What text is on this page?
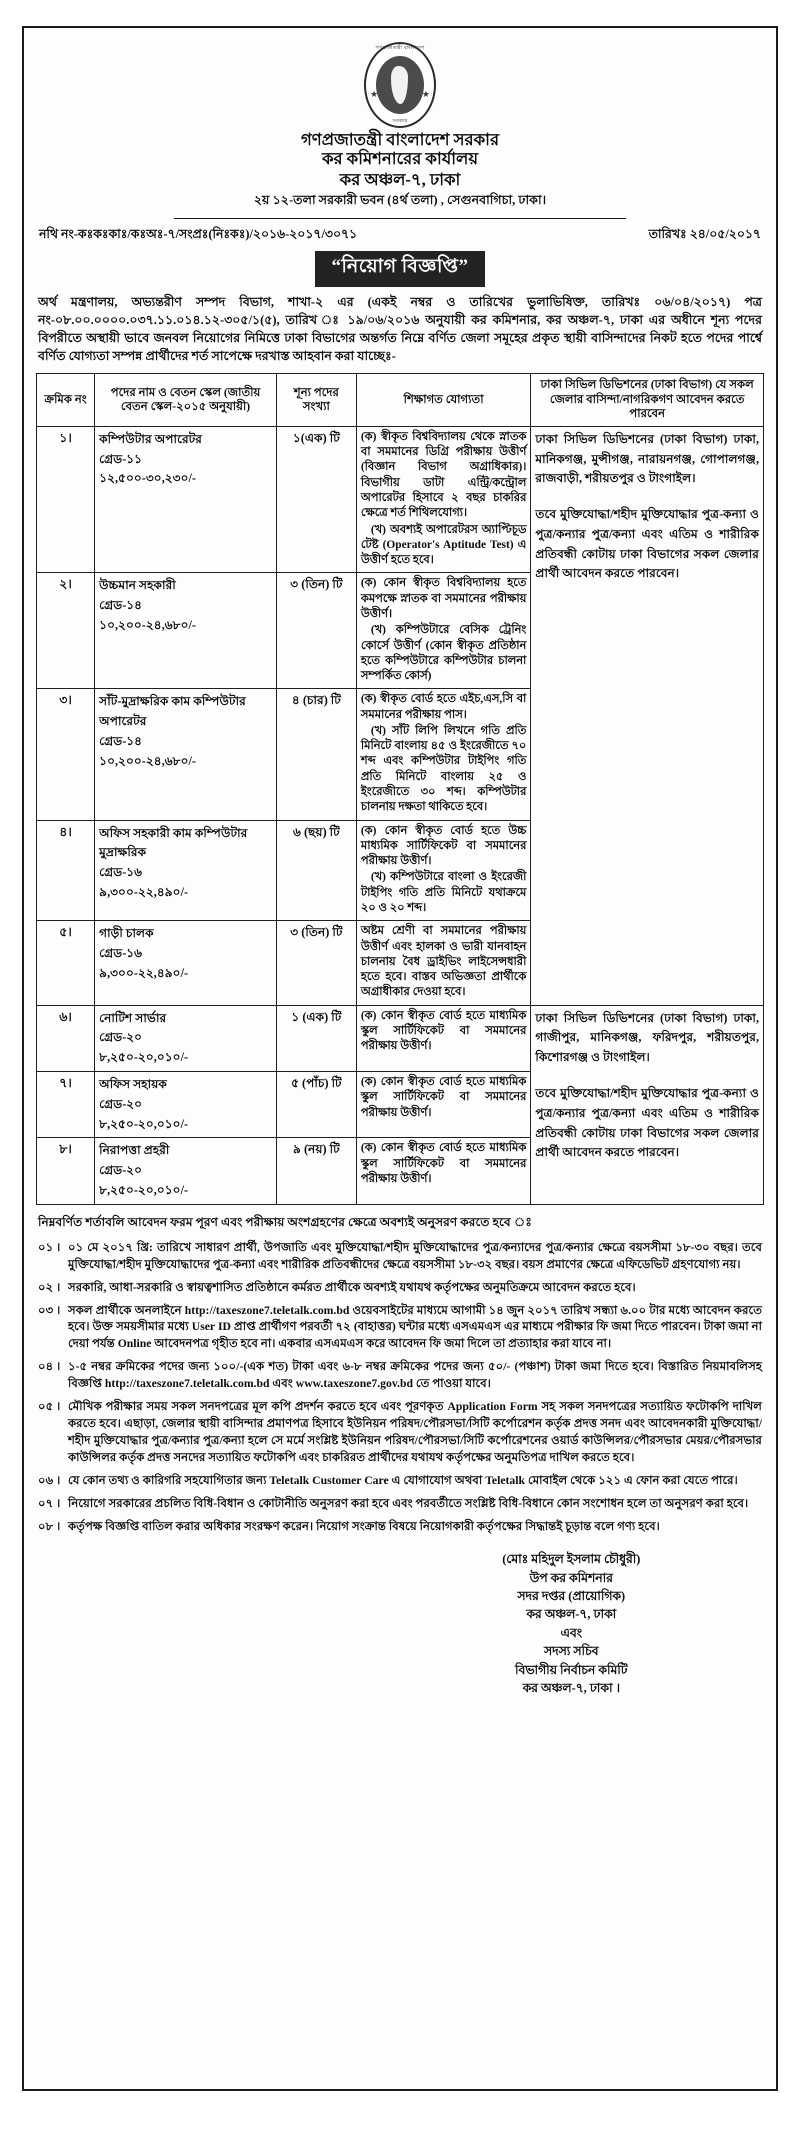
গণপ্রজাতন্ত্রী বাংলাদেশ
★	★
সরকার
গণপ্রজাতন্ত্রী বাংলাদেশ সরকার
কর কমিশনারের কার্যালয়
কর অঞ্চল-৭, ঢাকা
২য় ১২-তলা সরকারী ভবন (৪র্থ তলা) , সেগুনবাগিচা, ঢাকা।
নথি নং-কঃকঃকাঃ/কঃঅঃ-৭/সংপ্রঃ(নিঃকঃ)/২০১৬-২০১৭/৩০৭১	তারিখঃ ২৪/০৫/২০১৭
“নিয়োগ বিজ্ঞপ্তি”
অর্থ মন্ত্রণালয়, অভ্যন্তরীণ সম্পদ বিভাগ, শাখা-২ এর (একই নম্বর ও তারিখের ভুলাভিষিক্ত, তারিখঃ ০৬/০৪/২০১৭) পত্র নং-০৮.০০.০০০০.০৩৭.১১.০১৪.১২-৩০৫/১(৫), তারিখ ঃ ১৯/০৬/২০১৬ অনুযায়ী কর কমিশনার, কর অঞ্চল-৭, ঢাকা এর অধীনে শূন্য পদের বিপরীতে অস্থায়ী ভাবে জনবল নিয়োগের নিমিত্তে ঢাকা বিভাগের অন্তর্গত নিম্নে বর্ণিত জেলা সমূহের প্রকৃত স্থায়ী বাসিন্দাদের নিকট হতে পদের পার্শ্বে বর্ণিত যোগ্যতা সম্পন্ন প্রার্থীদের শর্ত সাপেক্ষে দরখাস্ত আহবান করা যাচ্ছেঃ-
ক্রমিক নং	পদের নাম ও বেতন স্কেল (জাতীয় বেতন স্কেল-২০১৫ অনুযায়ী)	শূন্য পদের সংখ্যা	শিক্ষাগত যোগ্যতা	ঢাকা সিভিল ডিভিশনের (ঢাকা বিভাগ) যে সকল জেলার বাসিন্দা/নাগরিকগণ আবেদন করতে পারবেন
১।	কম্পিউটার অপারেটর
গ্রেড-১১
১২,৫০০-৩০,২৩০/-
	১(এক) টি	(ক) স্বীকৃত বিশ্ববিদ্যালয় থেকে স্নাতক বা সমমানের ডিগ্রি পরীক্ষায় উত্তীর্ণ (বিজ্ঞান বিভাগ অগ্রাধিকার)। বিভাগীয় ডাটা এন্ট্রি/কন্ট্রোল অপারেটর হিসাবে ২ বছর চাকরির ক্ষেত্রে শর্ত শিথিলযোগ্য।

(খ) অবশ্যই অপারেটরস অ্যাপ্টিচূড টেষ্ট (Operator's Aptitude Test) এ উত্তীর্ণ হতে হবে।

ঢাকা সিভিল ডিভিশনের (ঢাকা বিভাগ) ঢাকা, মানিকগঞ্জ, মুন্সীগঞ্জ, নারায়নগঞ্জ, গোপালগঞ্জ, রাজবাড়ী, শরীয়তপুর ও টাংগাইল।

তবে মুক্তিযোদ্ধা/শহীদ মুক্তিযোদ্ধার পুত্র-কন্যা ও পুত্র/কন্যার পুত্র/কন্যা এবং এতিম ও শারীরিক প্রতিবন্ধী কোটায় ঢাকা বিভাগের সকল জেলার প্রার্থী আবেদন করতে পারবেন।

২।	উচ্চমান সহকারী
গ্রেড-১৪
১০,২০০-২৪,৬৮০/-
	৩ (তিন) টি	(ক) কোন স্বীকৃত বিশ্ববিদ্যালয় হতে কমপক্ষে স্নাতক বা সমমানের পরীক্ষায় উত্তীর্ণ।

(খ) কম্পিউটারে বেসিক ট্রেনিং কোর্সে উত্তীর্ণ (কোন স্বীকৃত প্রতিষ্ঠান হতে কম্পিউটারে কম্পিউটার চালনা সম্পর্কিত কোর্স)

৩।	সাঁট-মুদ্রাক্ষরিক কাম কম্পিউটার অপারেটর
গ্রেড-১৪
১০,২০০-২৪,৬৮০/-
	৪ (চার) টি	(ক) স্বীকৃত বোর্ড হতে এইচ,এস,সি বা সমমানের পরীক্ষায় পাস।

(খ) সাঁট লিপি লিখনে গতি প্রতি মিনিটে বাংলায় ৪৫ ও ইংরেজীতে ৭০ শব্দ এবং কম্পিউটার টাইপিং গতি প্রতি মিনিটে বাংলায় ২৫ ও ইংরেজীতে ৩০ শব্দ। কম্পিউটার চালনায় দক্ষতা থাকিতে হবে।

৪।	অফিস সহকারী কাম কম্পিউটার মুদ্রাক্ষরিক
গ্রেড-১৬
৯,৩০০-২২,৪৯০/-
	৬ (ছয়) টি	(ক) কোন স্বীকৃত বোর্ড হতে উচ্চ মাধ্যমিক সার্টিফিকেট বা সমমানের পরীক্ষায় উত্তীর্ণ।

(খ) কম্পিউটারে বাংলা ও ইংরেজী টাইপিং গতি প্রতি মিনিটে যথাক্রমে ২০ ও ২০ শব্দ।

৫।	গাড়ী চালক
গ্রেড-১৬
৯,৩০০-২২,৪৯০/-	৩ (তিন) টি	অষ্টম শ্রেণী বা সমমানের পরীক্ষায় উত্তীর্ণ এবং হালকা ও ভারী যানবাহন চালনায় বৈধ ড্রাইভিং লাইসেন্সধারী হতে হবে। বাস্তব অভিজ্ঞতা প্রার্থীকে অগ্রাধীকার দেওয়া হবে।	

৬।	নোটিশ সার্ভার
গ্রেড-২০
৮,২৫০-২০,০১০/-
	১ (এক) টি	(ক) কোন স্বীকৃত বোর্ড হতে মাধ্যমিক স্কুল সার্টিফিকেট বা সমমানের পরীক্ষায় উত্তীর্ণ।

ঢাকা সিভিল ডিভিশনের (ঢাকা বিভাগ) ঢাকা, গাজীপুর, মানিকগঞ্জ, ফরিদপুর, শরীয়তপুর, কিশোরগঞ্জ ও টাংগাইল।

তবে মুক্তিযোদ্ধা/শহীদ মুক্তিযোদ্ধার পুত্র-কন্যা ও পুত্র/কন্যার পুত্র/কন্যা এবং এতিম ও শারীরিক প্রতিবন্ধী কোটায় ঢাকা বিভাগের সকল জেলার প্রার্থী আবেদন করতে পারবেন।

৭।	অফিস সহায়ক
গ্রেড-২০
৮,২৫০-২০,০১০/-	৫ (পাঁচ) টি	(ক) কোন স্বীকৃত বোর্ড হতে মাধ্যমিক স্কুল সার্টিফিকেট বা সমমানের পরীক্ষায় উত্তীর্ণ।	

৮।	নিরাপত্তা প্রহরী
গ্রেড-২০
৮,২৫০-২০,০১০/-	৯ (নয়) টি	(ক) কোন স্বীকৃত বোর্ড হতে মাধ্যমিক স্কুল সার্টিফিকেট বা সমমানের পরীক্ষায় উত্তীর্ণ।	

নিম্নবর্ণিত শর্তাবলি আবেদন ফরম পূরণ এবং পরীক্ষায় অংশগ্রহণের ক্ষেত্রে অবশ্যই অনুসরণ করতে হবে ঃ
০১ । ০১ মে ২০১৭ খ্রি: তারিখে সাধারণ প্রার্থী, উপজাতি এবং মুক্তিযোদ্ধা/শহীদ মুক্তিযোদ্ধাদের পুত্র/কন্যাদের পুত্র/কন্যার ক্ষেত্রে বয়সসীমা ১৮-৩০ বছর। তবে মুক্তিযোদ্ধা/শহীদ মুক্তিযোদ্ধাদের পুত্র-কন্যা এবং শারীরিক প্রতিবন্ধীদের ক্ষেত্রে বয়সসীমা ১৮-৩২ বছর। বয়স প্রমাণের ক্ষেত্রে এফিডেভিট গ্রহণযোগ্য নয়।
০২ । সরকারি, আধা-সরকারি ও স্বায়ত্বশাসিত প্রতিষ্ঠানে কর্মরত প্রার্থীকে অবশ্যই যথাযথ কর্তৃপক্ষের অনুমতিক্রমে আবেদন করতে হবে।
০৩ । সকল প্রার্থীকে অনলাইনে http://taxeszone7.teletalk.com.bd ওয়েবসাইটের মাধ্যমে আগামী ১৪ জুন ২০১৭ তারিখ সন্ধ্যা ৬.০০ টার মধ্যে আবেদন করতে হবে। উক্ত সময়সীমার মধ্যে User ID প্রাপ্ত প্রার্থীগণ পরবর্তী ৭২ (বাহাত্তর) ঘন্টার মধ্যে এসএমএস এর মাধ্যমে পরীক্ষার ফি জমা দিতে পারবেন। টাকা জমা না দেয়া পর্যন্ত Online আবেদনপত্র গৃহীত হবে না। একবার এসএমএস করে আবেদন ফি জমা দিলে তা প্রত্যাহার করা যাবে না।
০৪ । ১-৫ নম্বর ক্রমিকের পদের জন্য ১০০/-(এক শত) টাকা এবং ৬-৮ নম্বর ক্রমিকের পদের জন্য ৫০/- (পঞ্চাশ) টাকা জমা দিতে হবে। বিস্তারিত নিয়মাবলিসহ বিজ্ঞপ্তি http://taxeszone7.teletalk.com.bd এবং www.taxeszone7.gov.bd তে পাওয়া যাবে।
০৫ । মৌখিক পরীক্ষার সময় সকল সনদপত্রের মূল কপি প্রদর্শন করতে হবে এবং পূরণকৃত Application Form সহ সকল সনদপত্রের সত্যায়িত ফটোকপি দাখিল করতে হবে। এছাড়া, জেলার স্থায়ী বাসিন্দার প্রমাণপত্র হিসাবে ইউনিয়ন পরিষদ/পৌরসভা/সিটি কর্পোরেশন কর্তৃক প্রদত্ত সনদ এবং আবেদনকারী মুক্তিযোদ্ধা/শহীদ মুক্তিযোদ্ধার পুত্র/কন্যার পুত্র/কন্যা হলে সে মর্মে সংশ্লিষ্ট ইউনিয়ন পরিষদ/পৌরসভা/সিটি কর্পোরেশনের ওয়ার্ড কাউন্সিলর/পৌরসভার মেয়র/পৌরসভার কাউন্সিলর কর্তৃক প্রদত্ত সনদের সত্যায়িত ফটোকপি এবং চাকরিরত প্রার্থীদের যথাযথ কর্তৃপক্ষের অনুমতিপত্র দাখিল করতে হবে।
০৬ । যে কোন তথ্য ও কারিগরি সহযোগিতার জন্য Teletalk Customer Care এ যোগাযোগ অথবা Teletalk মোবাইল থেকে ১২১ এ ফোন করা যেতে পারে।
০৭ । নিয়োগে সরকারের প্রচলিত বিধি-বিধান ও কোটানীতি অনুসরণ করা হবে এবং পরবর্তীতে সংশ্লিষ্ট বিধি-বিধানে কোন সংশোধন হলে তা অনুসরণ করা হবে।
০৮ । কর্তৃপক্ষ বিজ্ঞপ্তি বাতিল করার অধিকার সংরক্ষণ করেন। নিয়োগ সংক্রান্ত বিষয়ে নিয়োগকারী কর্তৃপক্ষের সিদ্ধান্তই চূড়ান্ত বলে গণ্য হবে।
(মোঃ মহিদুল ইসলাম চৌধুরী)
উপ কর কমিশনার
সদর দপ্তর (প্রায়োগিক)
কর অঞ্চল-৭, ঢাকা
এবং
সদস্য সচিব
বিভাগীয় নির্বাচন কমিটি
কর অঞ্চল-৭, ঢাকা ।
